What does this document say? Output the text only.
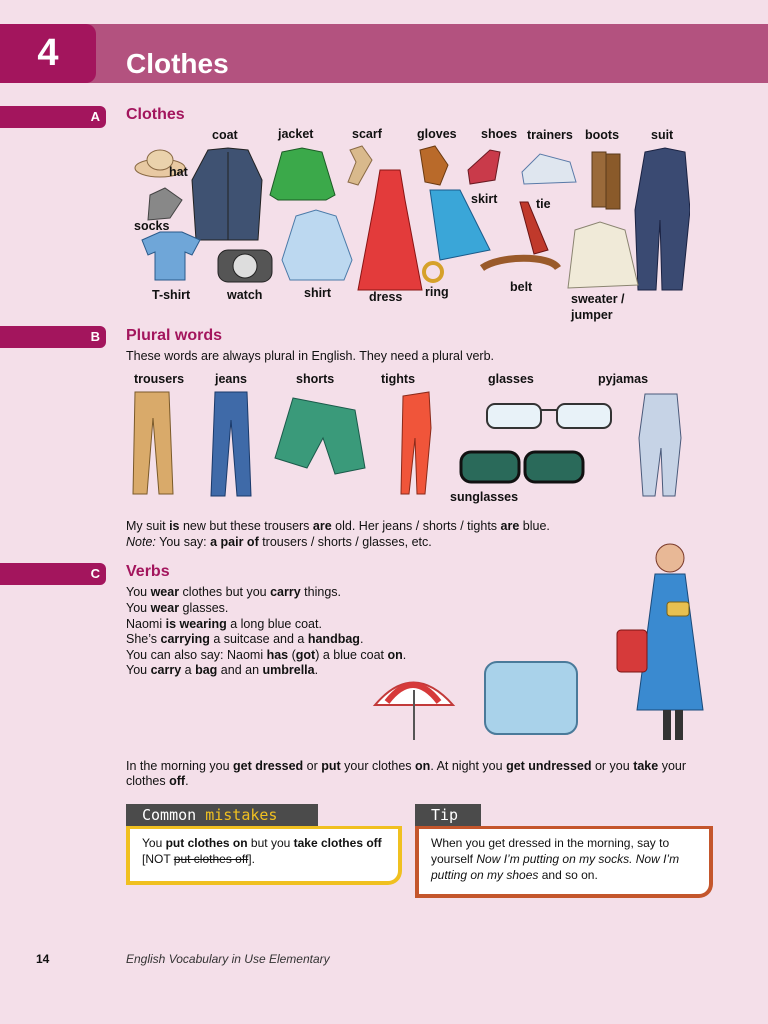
4	Clothes
A Clothes
coat	jacket	scarf	gloves shoes trainers boots	suit
hat
socks
skirt	tie
T-shirt	watch	shirt	dress ring	belt
sweater /
jumper
B Plural words
These words are always plural in English. They need a plural verb.
trousers jeans	shorts	tights	glasses	pyjamas
sunglasses
My suit is new but these trousers are old. Her jeans / shorts / tights are blue.
Note: You say: a pair of trousers / shorts / glasses, etc.
C Verbs
You wear clothes but you carry things.
You wear glasses.
Naomi is wearing a long blue coat.
She’s carrying a suitcase and a handbag.
You can also say: Naomi has (got) a blue coat on.
You carry a bag and an umbrella.
In the morning you get dressed or put your clothes on. At night you get undressed or you take your
clothes off.
Common mistakes
You put clothes on but you take clothes off
[NOT put clothes off].
Tip
When you get dressed in the morning, say to
yourself Now I’m putting on my socks. Now I’m
putting on my shoes and so on.
14	English Vocabulary in Use Elementary
